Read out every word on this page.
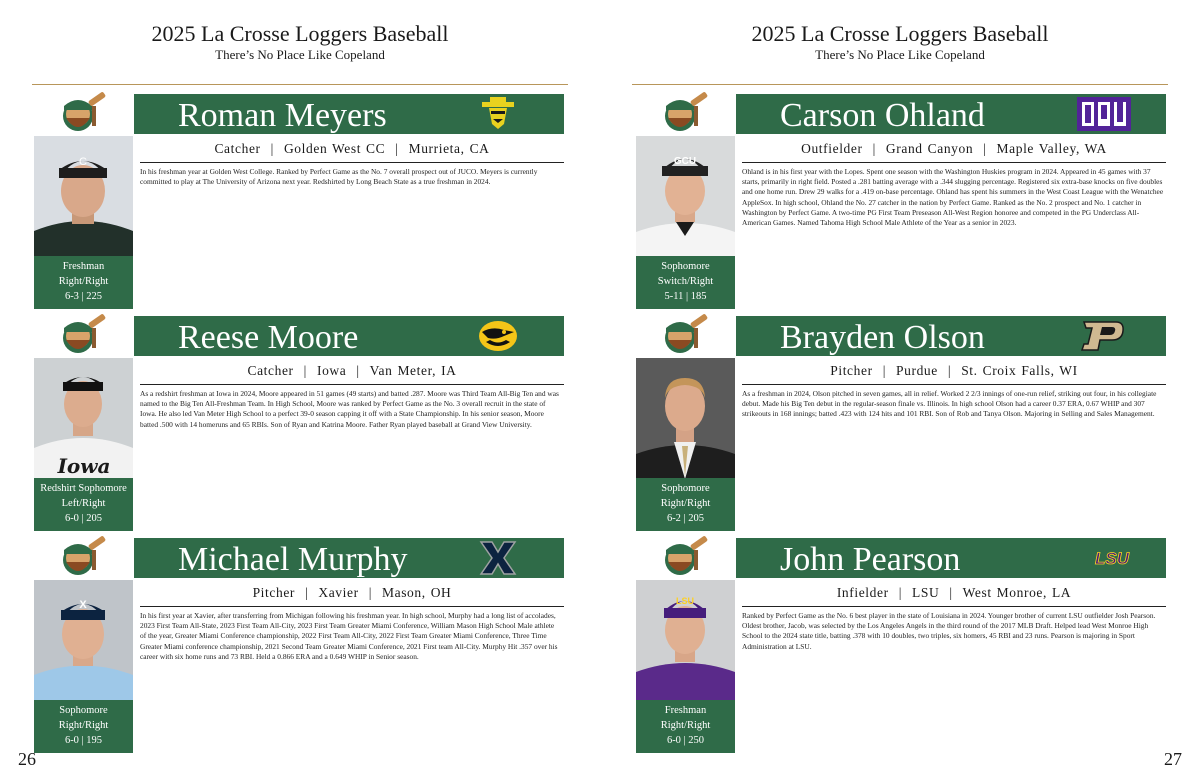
2025 La Crosse Loggers Baseball
There’s No Place Like Copeland
Roman Meyers
C
Freshman
Right/Right
6-3 | 225
Catcher | Golden West CC | Murrieta, CA
In his freshman year at Golden West College. Ranked by Perfect Game as the No. 7 overall prospect out of JUCO. Meyers is currently committed to play at The University of Arizona next year. Redshirted by Long Beach State as a true freshman in 2024.
Reese Moore
Iowa
Redshirt Sophomore
Left/Right
6-0 | 205
Catcher | Iowa | Van Meter, IA
As a redshirt freshman at Iowa in 2024, Moore appeared in 51 games (49 starts) and batted .287. Moore was Third Team All-Big Ten and was named to the Big Ten All-Freshman Team. In High School, Moore was ranked by Perfect Game as the No. 3 overall recruit in the state of Iowa. He also led Van Meter High School to a perfect 39-0 season capping it off with a State Championship. In his senior season, Moore batted .500 with 14 homeruns and 65 RBIs. Son of Ryan and Katrina Moore. Father Ryan played baseball at Grand View University.
Michael Murphy
X
Sophomore
Right/Right
6-0 | 195
Pitcher | Xavier | Mason, OH
In his first year at Xavier, after transferring from Michigan following his freshman year. In high school, Murphy had a long list of accolades, 2023 First Team All-State, 2023 First Team All-City, 2023 First Team Greater Miami Conference, William Mason High School Male athlete of the year, Greater Miami Conference championship, 2022 First Team All-City, 2022 First Team Greater Miami Conference, Three Time Greater Miami conference championship, 2021 Second Team Greater Miami Conference, 2021 First team All-City. Murphy Hit .357 over his career with six home runs and 73 RBI. Held a 0.866 ERA and a 0.649 WHIP in Senior season.
26
2025 La Crosse Loggers Baseball
There’s No Place Like Copeland
Carson Ohland
GCU
Sophomore
Switch/Right
5-11 | 185
Outfielder | Grand Canyon | Maple Valley, WA
Ohland is in his first year with the Lopes. Spent one season with the Washington Huskies program in 2024. Appeared in 45 games with 37 starts, primarily in right field. Posted a .281 batting average with a .344 slugging percentage. Registered six extra-base knocks on five doubles and one home run. Drew 29 walks for a .419 on-base percentage. Ohland has spent his summers in the West Coast League with the Wenatchee AppleSox. In high school, Ohland the No. 27 catcher in the nation by Perfect Game. Ranked as the No. 2 prospect and No. 1 catcher in Washington by Perfect Game. A two-time PG First Team Preseason All-West Region honoree and competed in the PG Underclass All-American Games. Named Tahoma High School Male Athlete of the Year as a senior in 2023.
Brayden Olson
Sophomore
Right/Right
6-2 | 205
Pitcher | Purdue | St. Croix Falls, WI
As a freshman in 2024, Olson pitched in seven games, all in relief. Worked 2 2/3 innings of one-run relief, striking out four, in his collegiate debut. Made his Big Ten debut in the regular-season finale vs. Illinois. In high school Olson had a career 0.37 ERA, 0.67 WHIP and 307 strikeouts in 168 innings; batted .423 with 124 hits and 101 RBI. Son of Rob and Tanya Olson. Majoring in Selling and Sales Management.
John Pearson	LSU
LSU
Freshman
Right/Right
6-0 | 250
Infielder | LSU | West Monroe, LA
Ranked by Perfect Game as the No. 6 best player in the state of Louisiana in 2024. Younger brother of current LSU outfielder Josh Pearson. Oldest brother, Jacob, was selected by the Los Angeles Angels in the third round of the 2017 MLB Draft. Helped lead West Monroe High School to the 2024 state title, batting .378 with 10 doubles, two triples, six homers, 45 RBI and 23 runs. Pearson is majoring in Sport Administration at LSU.
27
